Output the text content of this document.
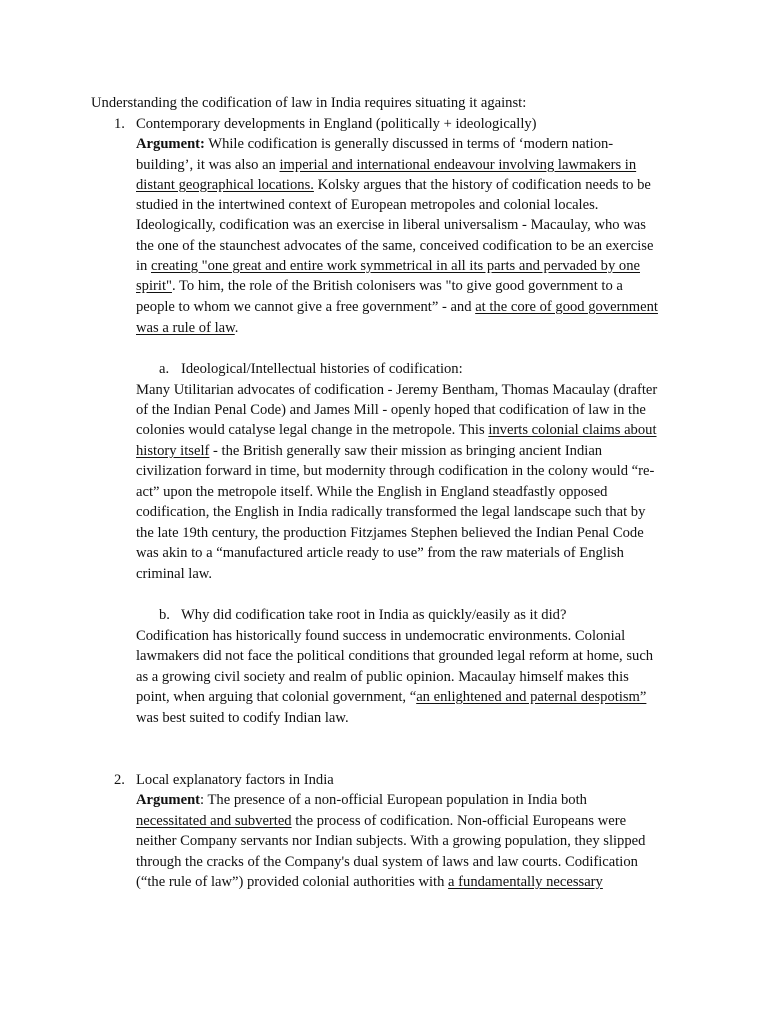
Understanding the codification of law in India requires situating it against:
1. Contemporary developments in England (politically + ideologically)
Argument: While codification is generally discussed in terms of ‘modern nation-
building’, it was also an imperial and international endeavour involving lawmakers in
distant geographical locations. Kolsky argues that the history of codification needs to be
studied in the intertwined context of European metropoles and colonial locales.
Ideologically, codification was an exercise in liberal universalism - Macaulay, who was
the one of the staunchest advocates of the same, conceived codification to be an exercise
in creating "one great and entire work symmetrical in all its parts and pervaded by one
spirit". To him, the role of the British colonisers was "to give good government to a
people to whom we cannot give a free government” - and at the core of good government
was a rule of law.
a. Ideological/Intellectual histories of codification:
Many Utilitarian advocates of codification - Jeremy Bentham, Thomas Macaulay (drafter
of the Indian Penal Code) and James Mill - openly hoped that codification of law in the
colonies would catalyse legal change in the metropole. This inverts colonial claims about
history itself - the British generally saw their mission as bringing ancient Indian
civilization forward in time, but modernity through codification in the colony would “re-
act” upon the metropole itself. While the English in England steadfastly opposed
codification, the English in India radically transformed the legal landscape such that by
the late 19th century, the production Fitzjames Stephen believed the Indian Penal Code
was akin to a “manufactured article ready to use” from the raw materials of English
criminal law.
b. Why did codification take root in India as quickly/easily as it did?
Codification has historically found success in undemocratic environments. Colonial
lawmakers did not face the political conditions that grounded legal reform at home, such
as a growing civil society and realm of public opinion. Macaulay himself makes this
point, when arguing that colonial government, “an enlightened and paternal despotism”
was best suited to codify Indian law.
2. Local explanatory factors in India
Argument: The presence of a non-official European population in India both
necessitated and subverted the process of codification. Non-official Europeans were
neither Company servants nor Indian subjects. With a growing population, they slipped
through the cracks of the Company's dual system of laws and law courts. Codification
(“the rule of law”) provided colonial authorities with a fundamentally necessary
